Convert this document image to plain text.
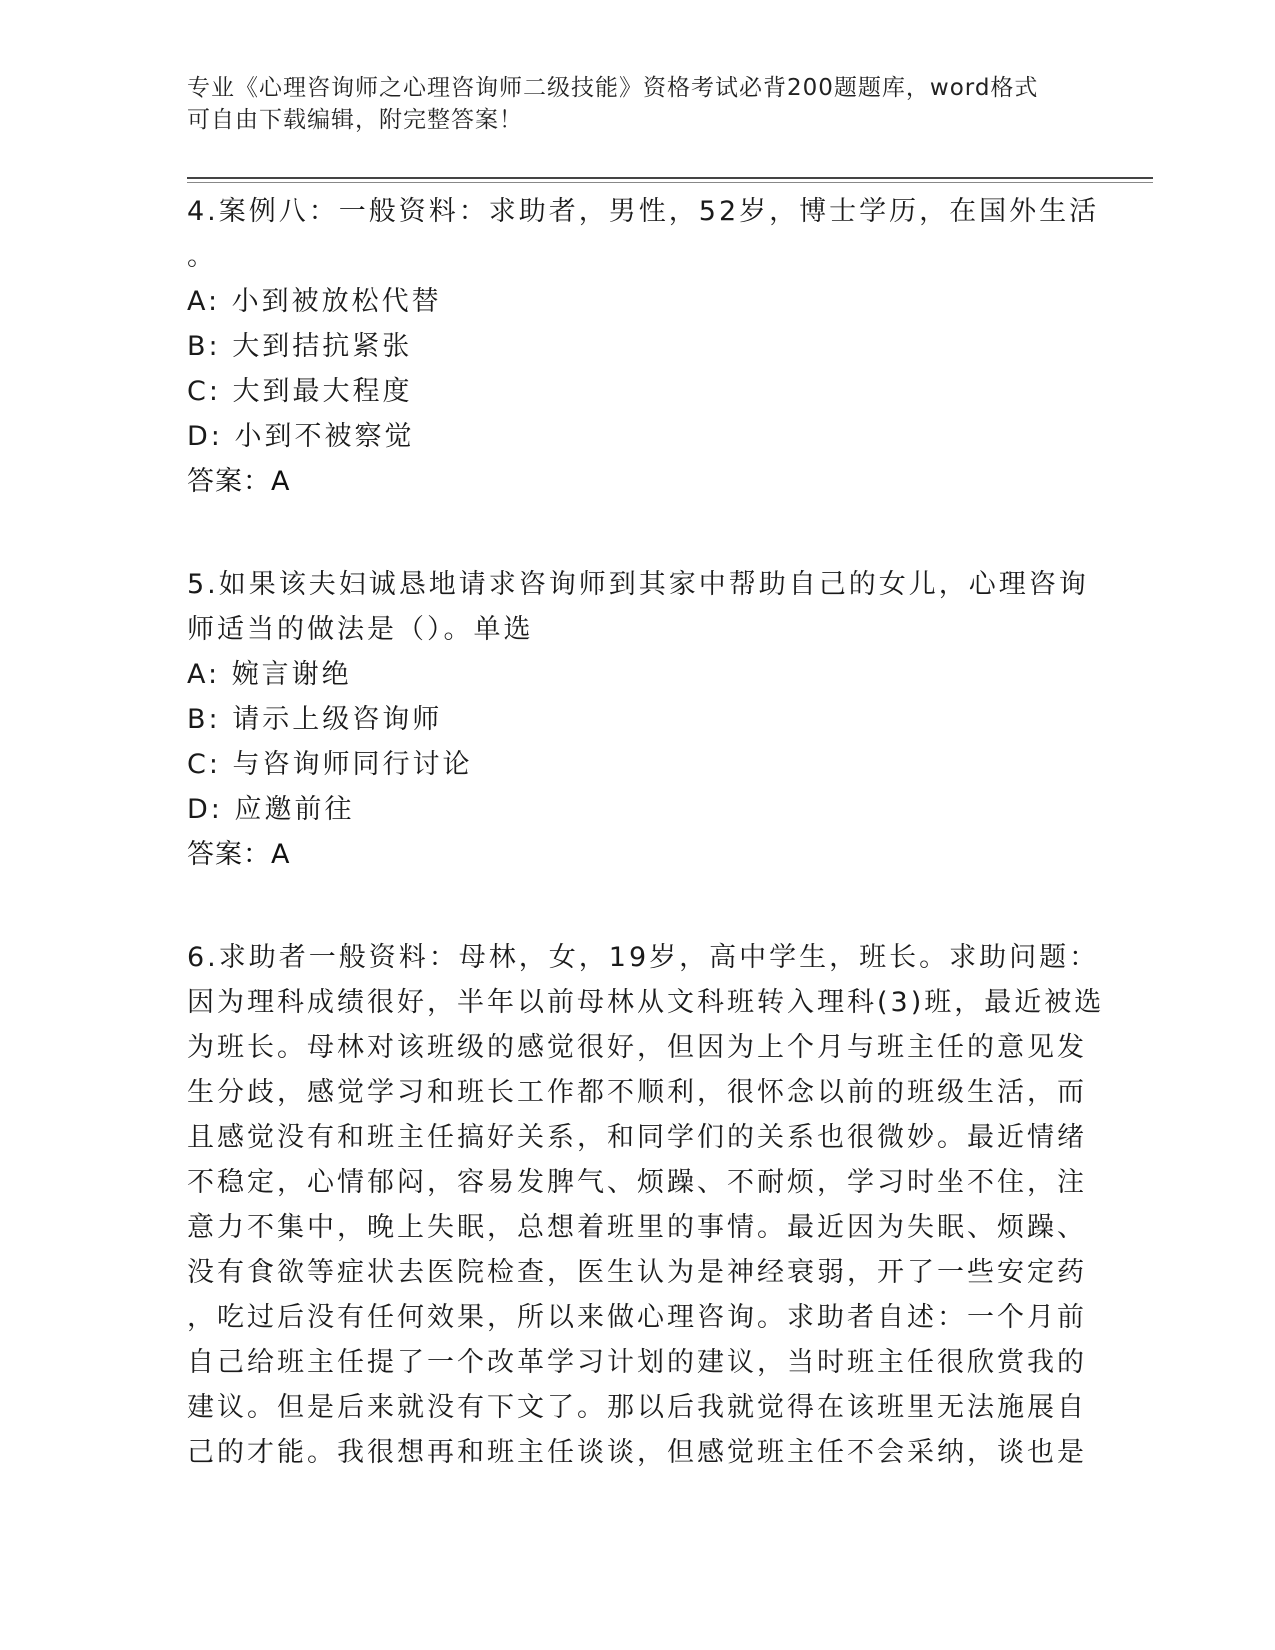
专业《心理咨询师之心理咨询师二级技能》资格考试必背200题题库，word格式
可自由下载编辑，附完整答案！
4.案例八：一般资料：求助者，男性，52岁，博士学历，在国外生活
。
A: 小到被放松代替
B: 大到拮抗紧张
C: 大到最大程度
D: 小到不被察觉
答案：A
5.如果该夫妇诚恳地请求咨询师到其家中帮助自己的女儿，心理咨询
师适当的做法是（）。单选
A: 婉言谢绝
B: 请示上级咨询师
C: 与咨询师同行讨论
D: 应邀前往
答案：A
6.求助者一般资料：母林，女，19岁，高中学生，班长。求助问题：
因为理科成绩很好，半年以前母林从文科班转入理科(3)班，最近被选
为班长。母林对该班级的感觉很好，但因为上个月与班主任的意见发
生分歧，感觉学习和班长工作都不顺利，很怀念以前的班级生活，而
且感觉没有和班主任搞好关系，和同学们的关系也很微妙。最近情绪
不稳定，心情郁闷，容易发脾气、烦躁、不耐烦，学习时坐不住，注
意力不集中，晚上失眠，总想着班里的事情。最近因为失眠、烦躁、
没有食欲等症状去医院检查，医生认为是神经衰弱，开了一些安定药
，吃过后没有任何效果，所以来做心理咨询。求助者自述：一个月前
自己给班主任提了一个改革学习计划的建议，当时班主任很欣赏我的
建议。但是后来就没有下文了。那以后我就觉得在该班里无法施展自
己的才能。我很想再和班主任谈谈，但感觉班主任不会采纳，谈也是
